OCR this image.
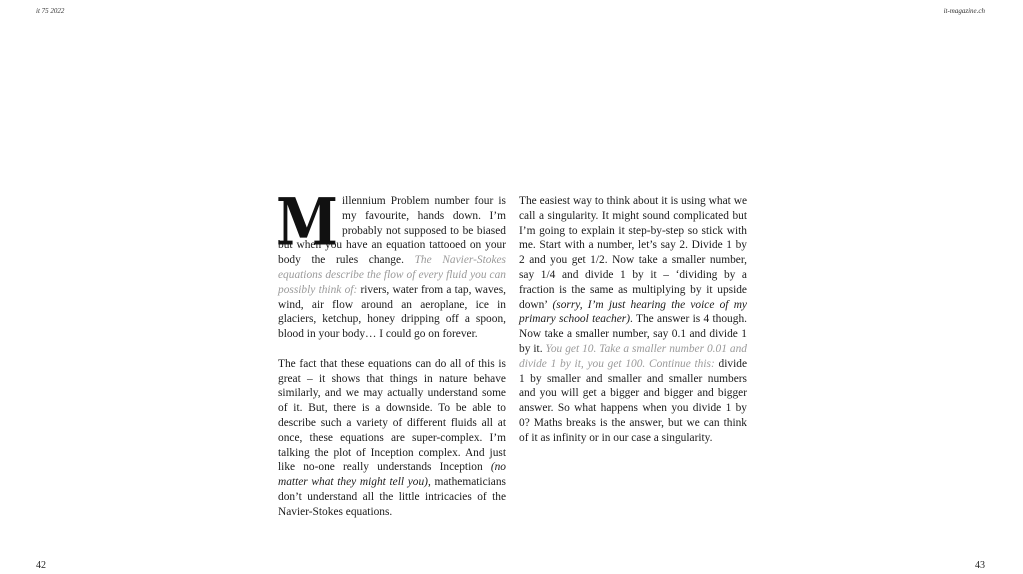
it 75 2022	it-magazine.ch

Millennium Problem number four is my favourite, hands down. I’m probably not supposed to be biased but when you have an equation tattooed on your body the rules change. The Navier-Stokes equations describe the flow of every fluid you can possibly think of: rivers, water from a tap, waves, wind, air flow around an aeroplane, ice in glaciers, ketchup, honey dripping off a spoon, blood in your body… I could go on forever.

The fact that these equations can do all of this is great – it shows that things in nature behave similarly, and we may actually understand some of it. But, there is a downside. To be able to describe such a variety of different fluids all at once, these equations are super-complex. I’m talking the plot of Inception complex. And just like no-one really understands Inception (no matter what they might tell you), mathematicians don’t understand all the little intricacies of the Navier-Stokes equations.

The easiest way to think about it is using what we call a singularity. It might sound complicated but I’m going to explain it step-by-step so stick with me. Start with a number, let’s say 2. Divide 1 by 2 and you get 1/2. Now take a smaller number, say 1/4 and divide 1 by it – ‘dividing by a fraction is the same as multiplying by it upside down’ (sorry, I’m just hearing the voice of my primary school teacher). The answer is 4 though. Now take a smaller number, say 0.1 and divide 1 by it. You get 10. Take a smaller number 0.01 and divide 1 by it, you get 100. Continue this: divide 1 by smaller and smaller and smaller numbers and you will get a bigger and bigger and bigger answer. So what happens when you divide 1 by 0? Maths breaks is the answer, but we can think of it as infinity or in our case a singularity.

42	43
